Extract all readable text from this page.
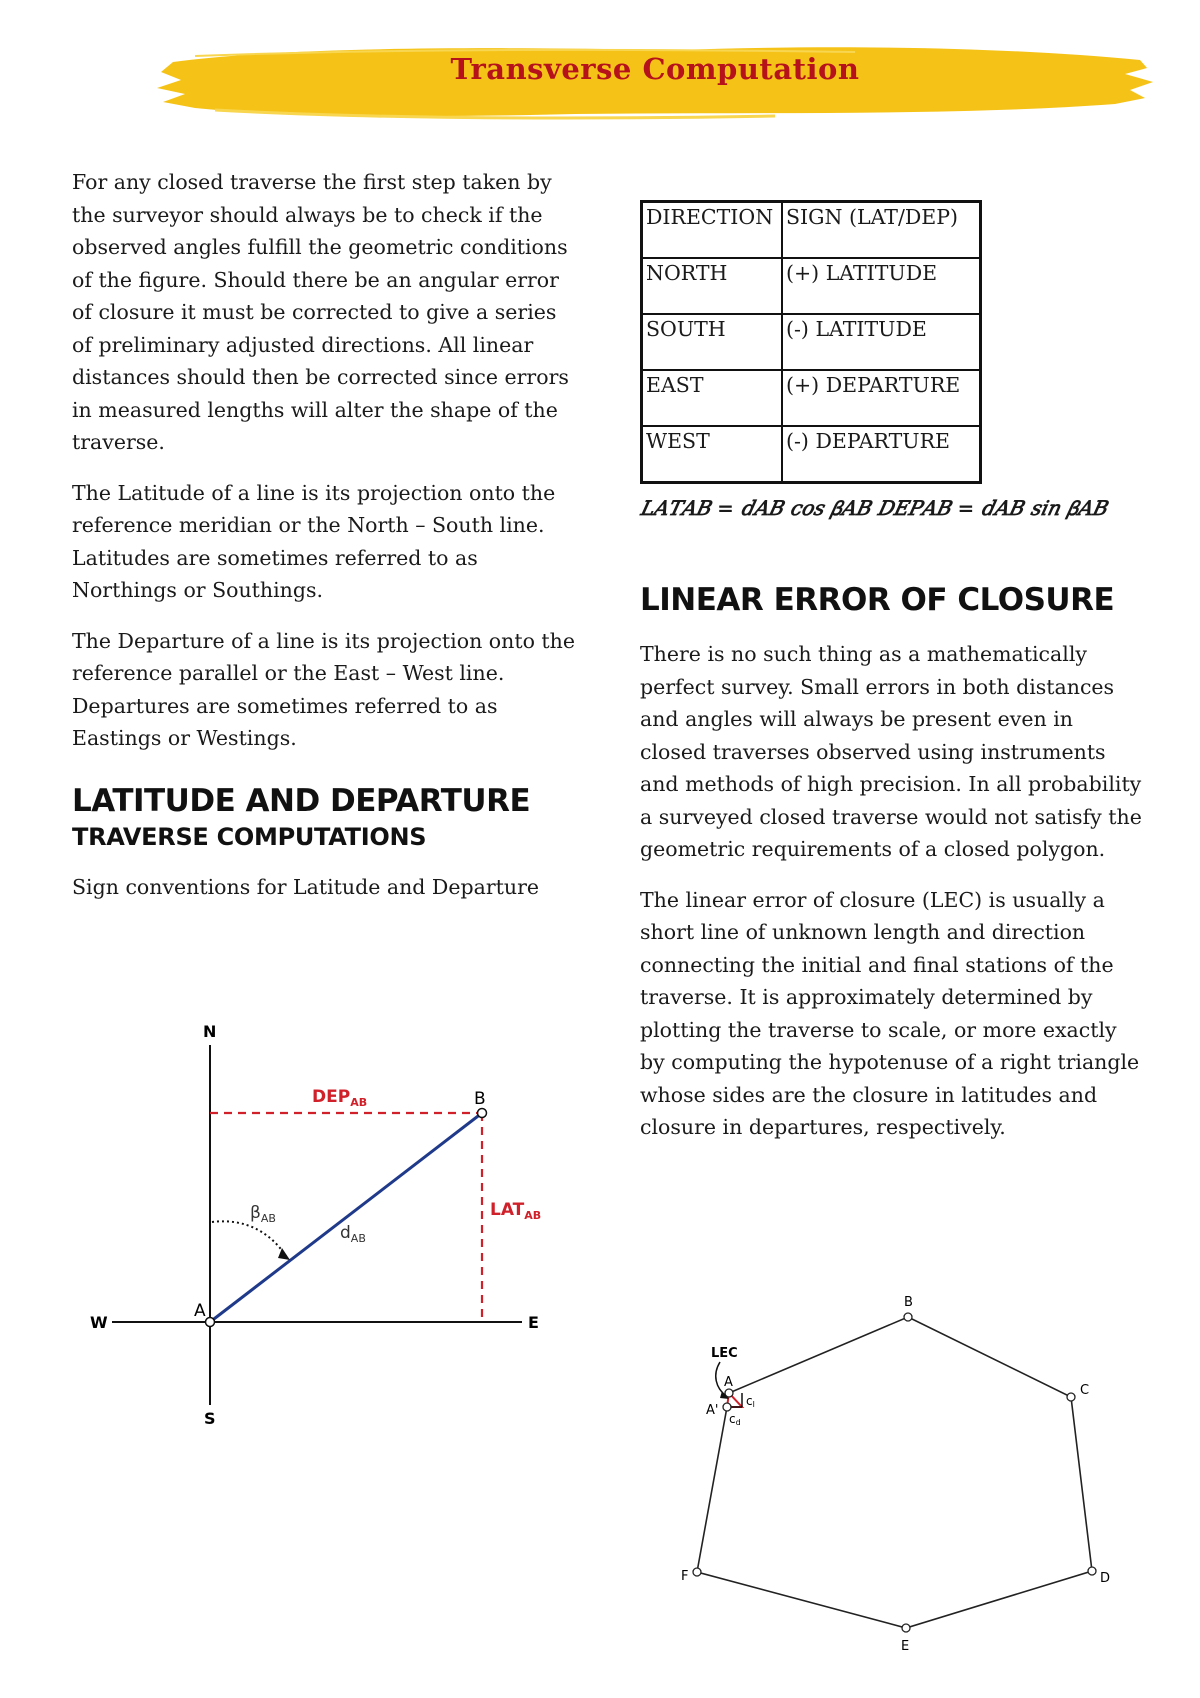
Transverse Computation

For any closed traverse the first step taken by the surveyor should always be to check if the observed angles fulfill the geometric conditions of the figure. Should there be an angular error of closure it must be corrected to give a series of preliminary adjusted directions. All linear distances should then be corrected since errors in measured lengths will alter the shape of the traverse.

The Latitude of a line is its projection onto the reference meridian or the North – South line. Latitudes are sometimes referred to as Northings or Southings.

The Departure of a line is its projection onto the reference parallel or the East – West line. Departures are sometimes referred to as Eastings or Westings.

LATITUDE AND DEPARTURE
TRAVERSE COMPUTATIONS

Sign conventions for Latitude and Departure

DIRECTION	SIGN (LAT/DEP)
NORTH	(+) LATITUDE
SOUTH	(-) LATITUDE
EAST	(+) DEPARTURE
WEST	(-) DEPARTURE
𝐿𝐴𝑇𝐴𝐵 = 𝑑𝐴𝐵 𝑐𝑜𝑠 𝛽𝐴𝐵 𝐷𝐸𝑃𝐴𝐵 = 𝑑𝐴𝐵 𝑠𝑖𝑛 𝛽𝐴𝐵
LINEAR ERROR OF CLOSURE

There is no such thing as a mathematically perfect survey. Small errors in both distances and angles will always be present even in closed traverses observed using instruments and methods of high precision. In all probability a surveyed closed traverse would not satisfy the geometric requirements of a closed polygon.

The linear error of closure (LEC) is usually a short line of unknown length and direction connecting the initial and final stations of the traverse. It is approximately determined by plotting the traverse to scale, or more exactly by computing the hypotenuse of a right triangle whose sides are the closure in latitudes and closure in departures, respectively.

N
S
W	E
$DEP_{AB}$
$LAT_{AB}$
A
B
$\beta_{AB}$
$d_{AB}$
A
B
C
D
E
F
A'
LEC
cl
cd
